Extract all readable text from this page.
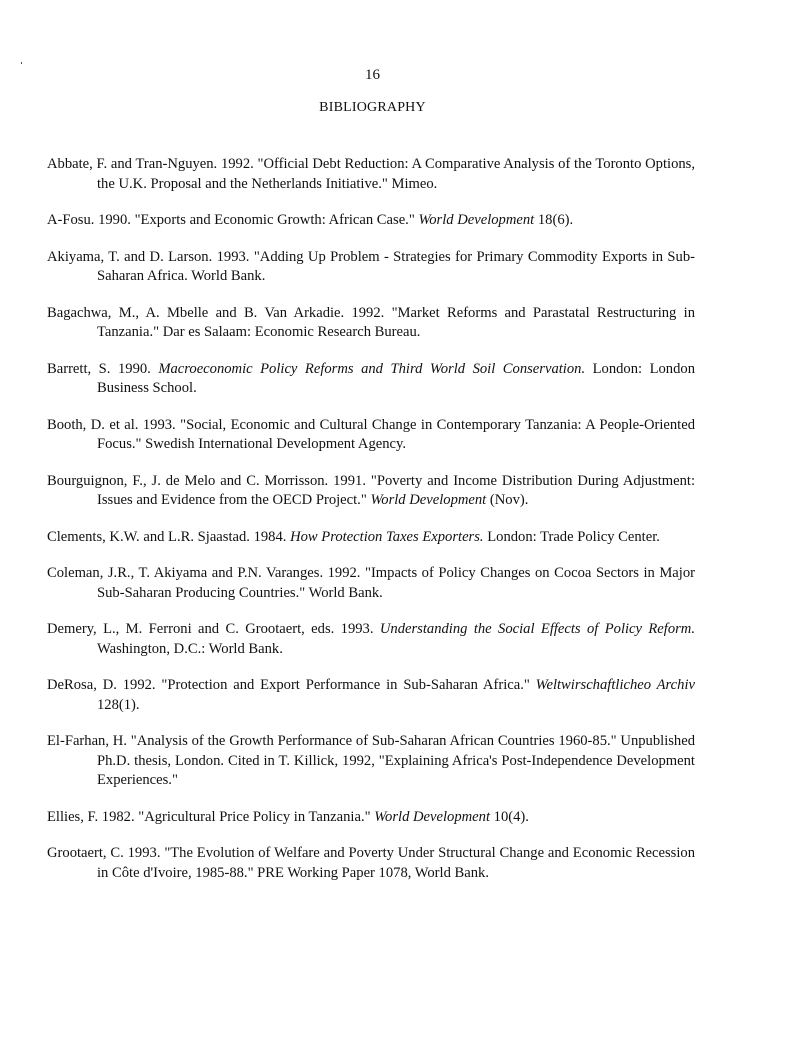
16
BIBLIOGRAPHY

Abbate, F. and Tran-Nguyen. 1992. "Official Debt Reduction: A Comparative Analysis of the Toronto Options, the U.K. Proposal and the Netherlands Initiative." Mimeo.

A-Fosu. 1990. "Exports and Economic Growth: African Case." World Development 18(6).

Akiyama, T. and D. Larson. 1993. "Adding Up Problem - Strategies for Primary Commodity Exports in Sub-Saharan Africa. World Bank.

Bagachwa, M., A. Mbelle and B. Van Arkadie. 1992. "Market Reforms and Parastatal Restructuring in Tanzania." Dar es Salaam: Economic Research Bureau.

Barrett, S. 1990. Macroeconomic Policy Reforms and Third World Soil Conservation. London: London Business School.

Booth, D. et al. 1993. "Social, Economic and Cultural Change in Contemporary Tanzania: A People-Oriented Focus." Swedish International Development Agency.

Bourguignon, F., J. de Melo and C. Morrisson. 1991. "Poverty and Income Distribution During Adjustment: Issues and Evidence from the OECD Project." World Development (Nov).

Clements, K.W. and L.R. Sjaastad. 1984. How Protection Taxes Exporters. London: Trade Policy Center.

Coleman, J.R., T. Akiyama and P.N. Varanges. 1992. "Impacts of Policy Changes on Cocoa Sectors in Major Sub-Saharan Producing Countries." World Bank.

Demery, L., M. Ferroni and C. Grootaert, eds. 1993. Understanding the Social Effects of Policy Reform. Washington, D.C.: World Bank.

DeRosa, D. 1992. "Protection and Export Performance in Sub-Saharan Africa." Weltwirschaftlicheo Archiv 128(1).

El-Farhan, H. "Analysis of the Growth Performance of Sub-Saharan African Countries 1960-85." Unpublished Ph.D. thesis, London. Cited in T. Killick, 1992, "Explaining Africa's Post-Independence Development Experiences."

Ellies, F. 1982. "Agricultural Price Policy in Tanzania." World Development 10(4).

Grootaert, C. 1993. "The Evolution of Welfare and Poverty Under Structural Change and Economic Recession in Côte d'Ivoire, 1985-88." PRE Working Paper 1078, World Bank.
